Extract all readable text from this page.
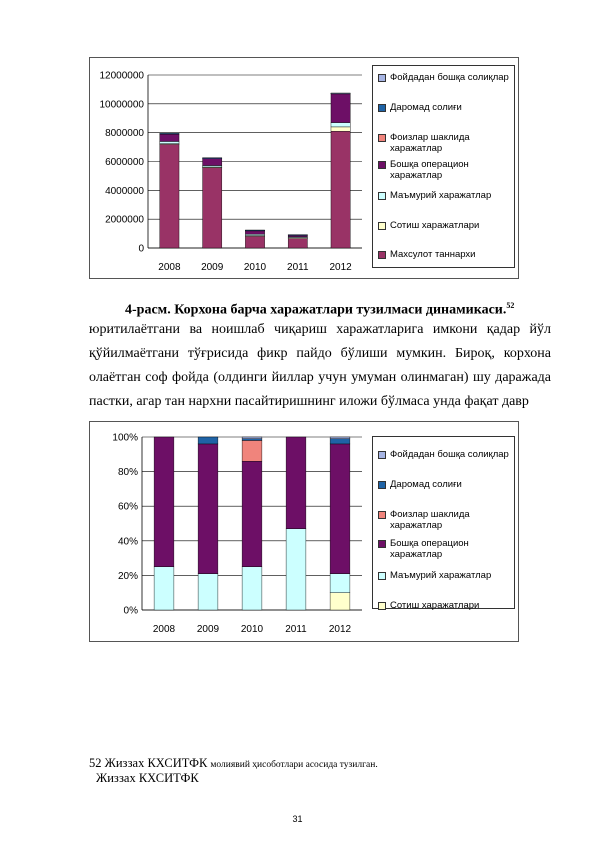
0
2000000
4000000
6000000
8000000
10000000
12000000
2008 2009 2010 2011 2012
Фойдадан бошқа солиқлар
Даромад солиғи
Фоизлар шаклида харажатлар
Бошқа операцион харажатлар
Маъмурий харажатлар
Сотиш харажатлари
Махсулот таннархи
4-расм. Корхона барча харажатлари тузилмаси динамикаси.$^{52}$
юритилаётгани ва ноишлаб чиқариш харажатларига имкони қадар йўл қўйилмаётгани тўғрисида фикр пайдо бўлиши мумкин. Бироқ, корхона олаётган соф фойда (олдинги йиллар учун умуман олинмаган) шу даражада пастки, агар тан нархни пасайтиришнинг иложи бўлмаса унда фақат давр
0%
20%
40%
60%
80%
100%
2008 2009 2010 2011 2012
Фойдадан бошқа солиқлар
Даромад солиғи
Фоизлар шаклида харажатлар
Бошқа операцион харажатлар
Маъмурий харажатлар
Сотиш харажатлари
52 Жиззах КХСИТФК молиявий ҳисоботлари асосида тузилган.
Жиззах КХСИТФК
31
